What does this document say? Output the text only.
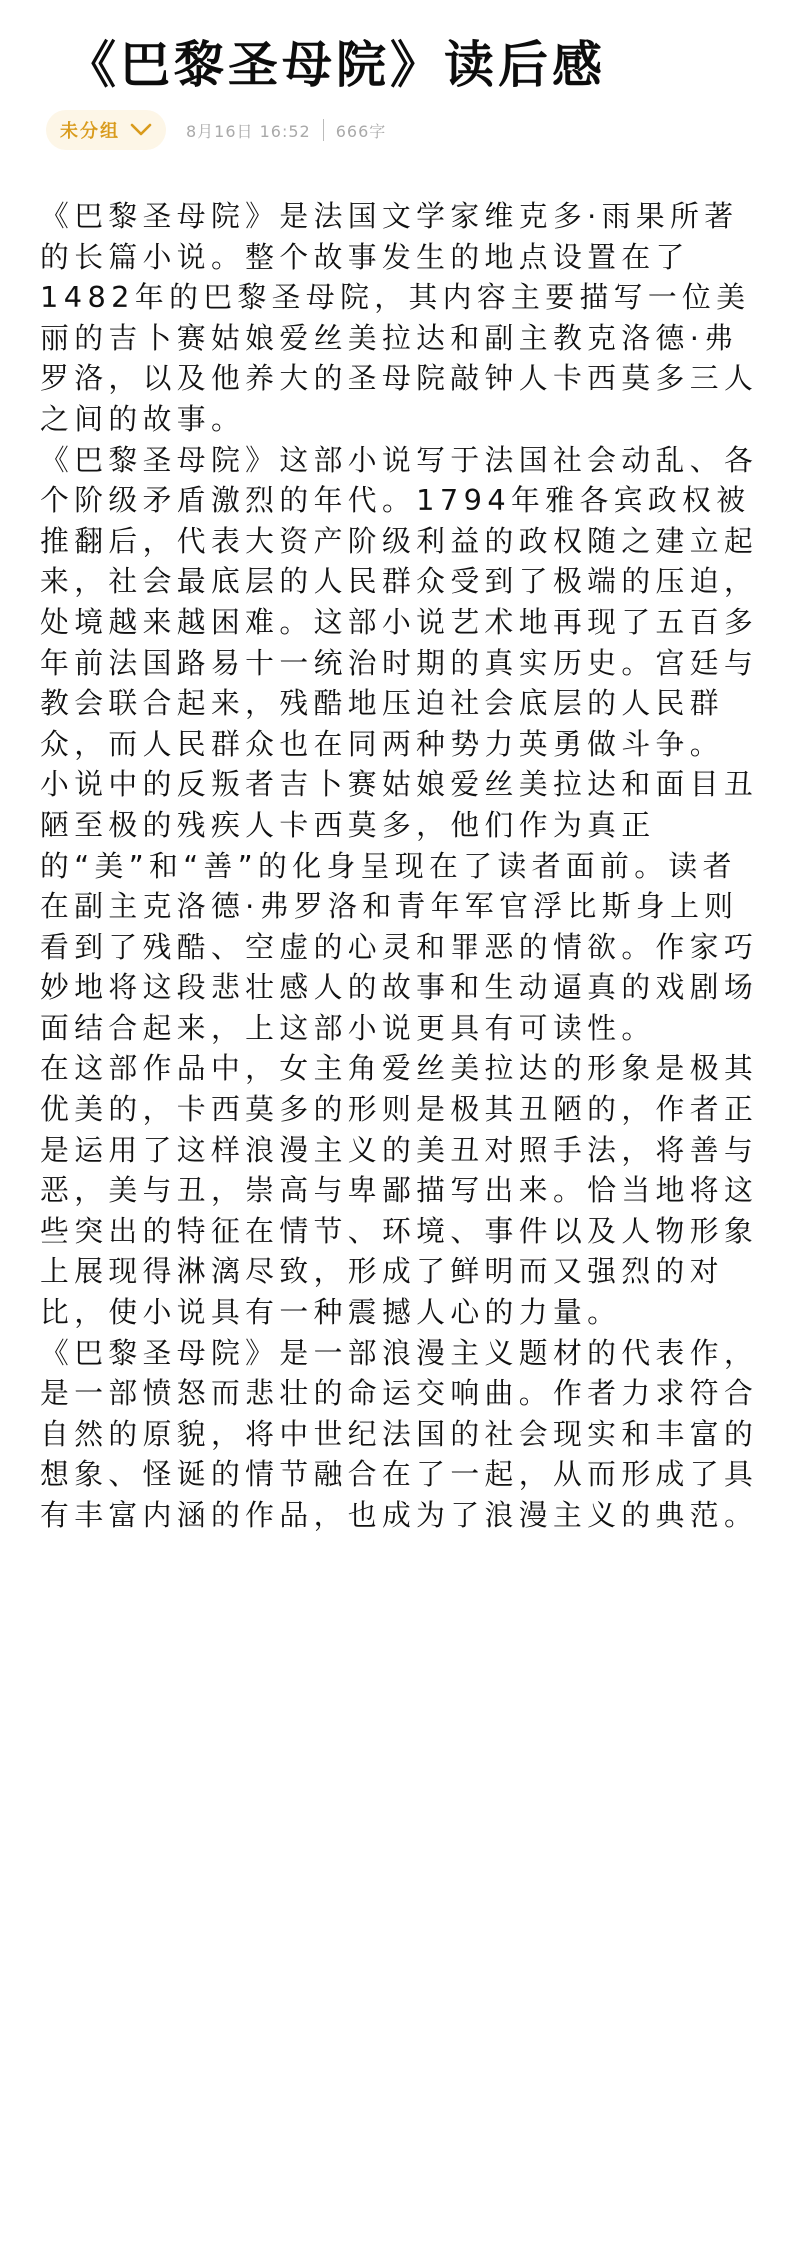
《巴黎圣母院》读后感
未分组	8月16日 16:52 666字

《巴黎圣母院》是法国文学家维克多·雨果所著的长篇小说。整个故事发生的地点设置在了1482年的巴黎圣母院，其内容主要描写一位美丽的吉卜赛姑娘爱丝美拉达和副主教克洛德·弗罗洛，以及他养大的圣母院敲钟人卡西莫多三人之间的故事。

《巴黎圣母院》这部小说写于法国社会动乱、各个阶级矛盾激烈的年代。1794年雅各宾政权被推翻后，代表大资产阶级利益的政权随之建立起来，社会最底层的人民群众受到了极端的压迫，处境越来越困难。这部小说艺术地再现了五百多年前法国路易十一统治时期的真实历史。宫廷与教会联合起来，残酷地压迫社会底层的人民群众，而人民群众也在同两种势力英勇做斗争。

小说中的反叛者吉卜赛姑娘爱丝美拉达和面目丑陋至极的残疾人卡西莫多，他们作为真正的“美”和“善”的化身呈现在了读者面前。读者在副主克洛德·弗罗洛和青年军官浮比斯身上则看到了残酷、空虚的心灵和罪恶的情欲。作家巧妙地将这段悲壮感人的故事和生动逼真的戏剧场面结合起来，上这部小说更具有可读性。

在这部作品中，女主角爱丝美拉达的形象是极其优美的，卡西莫多的形则是极其丑陋的，作者正是运用了这样浪漫主义的美丑对照手法，将善与恶，美与丑，崇高与卑鄙描写出来。恰当地将这些突出的特征在情节、环境、事件以及人物形象上展现得淋漓尽致，形成了鲜明而又强烈的对比，使小说具有一种震撼人心的力量。

《巴黎圣母院》是一部浪漫主义题材的代表作，是一部愤怒而悲壮的命运交响曲。作者力求符合自然的原貌，将中世纪法国的社会现实和丰富的想象、怪诞的情节融合在了一起，从而形成了具有丰富内涵的作品，也成为了浪漫主义的典范。
